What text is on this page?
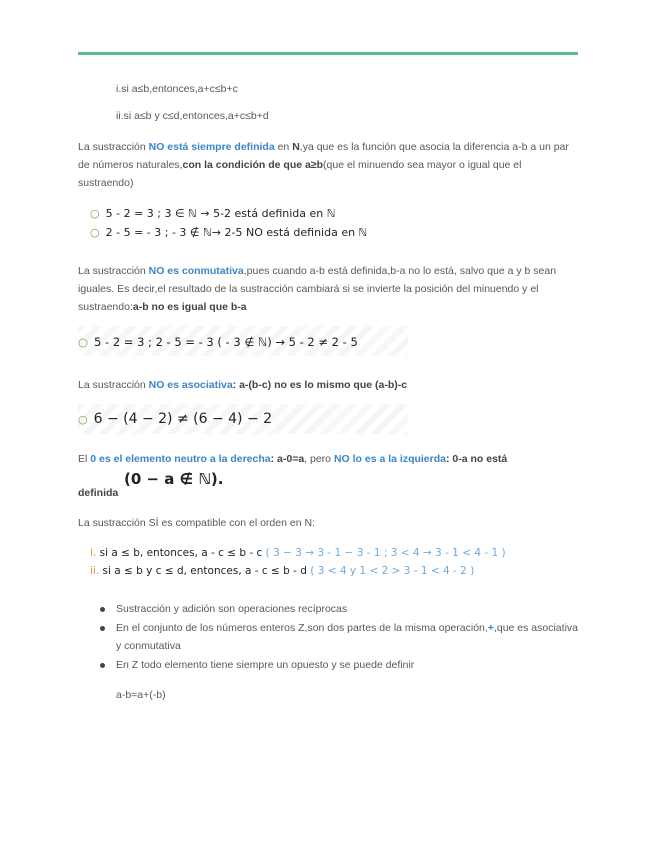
i.si a≤b,entonces,a+c≤b+c
ii.si a≤b y c≤d,entonces,a+c≤b+d
La sustracción NO está siempre definida en N,ya que es la función que asocia la diferencia a-b a un par de números naturales,con la condición de que a≥b(que el minuendo sea mayor o igual que el sustraendo)
○ 5 - 2 = 3 ; 3 ∈ ℕ → 5-2 está definida en ℕ
○ 2 - 5 = - 3 ; - 3 ∉ ℕ→ 2-5 NO está definida en ℕ
La sustracción NO es conmutativa,pues cuando a-b está definida,b-a no lo está, salvo que a y b sean iguales. Es decir,el resultado de la sustracción cambiará si se invierte la posición del minuendo y el sustraendo:a-b no es igual que b-a
○ 5 - 2 = 3 ; 2 - 5 = - 3 ( - 3 ∉ ℕ) → 5 - 2 ≠ 2 - 5
La sustracción NO es asociativa: a-(b-c) no es lo mismo que (a-b)-c
○ 6 − (4 − 2) ≠ (6 − 4) − 2
El 0 es el elemento neutro a la derecha: a-0=a, pero NO lo es a la izquierda: 0-a no está
(0 − a ∉ ℕ).
definida
La sustracción SÍ es compatible con el orden en N:
i. si a ≤ b, entonces, a - c ≤ b - c ( 3 − 3 → 3 - 1 − 3 - 1 ; 3 < 4 → 3 - 1 < 4 - 1 )
ii. si a ≤ b y c ≤ d, entonces, a - c ≤ b - d ( 3 < 4 y 1 < 2 > 3 - 1 < 4 - 2 )
Sustracción y adición son operaciones recíprocas
En el conjunto de los números enteros Z,son dos partes de la misma operación,+,que es asociativa y conmutativa
En Z todo elemento tiene siempre un opuesto y se puede definir
a-b=a+(-b)
